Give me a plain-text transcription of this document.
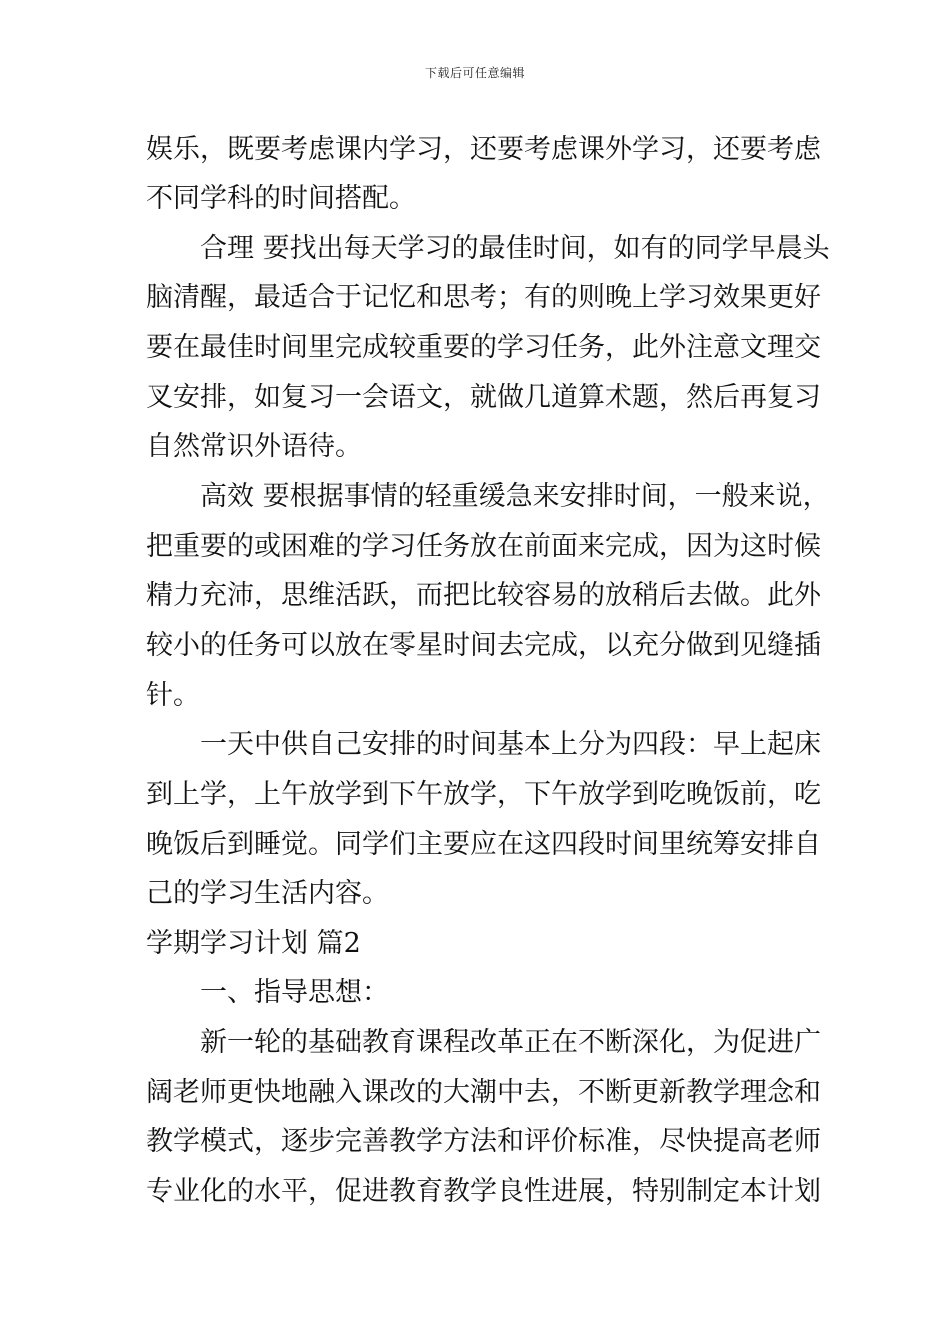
下载后可任意编辑
娱乐，既要考虑课内学习，还要考虑课外学习，还要考虑
不同学科的时间搭配。
合理 要找出每天学习的最佳时间，如有的同学早晨头
脑清醒，最适合于记忆和思考；有的则晚上学习效果更好
要在最佳时间里完成较重要的学习任务，此外注意文理交
叉安排，如复习一会语文，就做几道算术题，然后再复习
自然常识外语待。
高效 要根据事情的轻重缓急来安排时间，一般来说，
把重要的或困难的学习任务放在前面来完成，因为这时候
精力充沛，思维活跃，而把比较容易的放稍后去做。此外
较小的任务可以放在零星时间去完成，以充分做到见缝插
针。
一天中供自己安排的时间基本上分为四段：早上起床
到上学，上午放学到下午放学，下午放学到吃晚饭前，吃
晚饭后到睡觉。同学们主要应在这四段时间里统筹安排自
己的学习生活内容。
学期学习计划 篇2
一、指导思想：
新一轮的基础教育课程改革正在不断深化，为促进广
阔老师更快地融入课改的大潮中去，不断更新教学理念和
教学模式，逐步完善教学方法和评价标准，尽快提高老师
专业化的水平，促进教育教学良性进展，特别制定本计划
